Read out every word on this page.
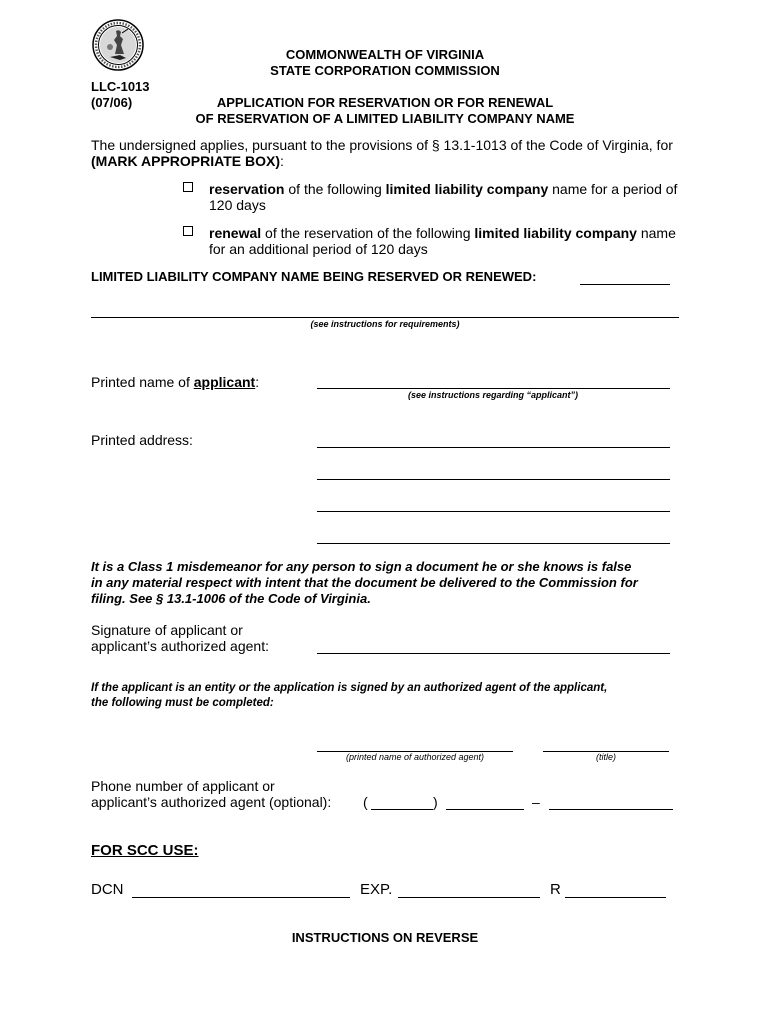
COMMONWEALTH OF VIRGINIA
STATE CORPORATION COMMISSION
LLC-1013
(07/06)	APPLICATION FOR RESERVATION OR FOR RENEWAL
OF RESERVATION OF A LIMITED LIABILITY COMPANY NAME
The undersigned applies, pursuant to the provisions of § 13.1-1013 of the Code of Virginia, for
(MARK APPROPRIATE BOX):
reservation of the following limited liability company name for a period of
120 days
renewal of the reservation of the following limited liability company name
for an additional period of 120 days
LIMITED LIABILITY COMPANY NAME BEING RESERVED OR RENEWED:
(see instructions for requirements)
Printed name of applicant:
(see instructions regarding “applicant”)
Printed address:
It is a Class 1 misdemeanor for any person to sign a document he or she knows is false
in any material respect with intent that the document be delivered to the Commission for
filing. See § 13.1-1006 of the Code of Virginia.
Signature of applicant or
applicant’s authorized agent:
If the applicant is an entity or the application is signed by an authorized agent of the applicant,
the following must be completed:
(printed name of authorized agent)	(title)
Phone number of applicant or
applicant’s authorized agent (optional): (	)	–
FOR SCC USE:
DCN	EXP.	R
INSTRUCTIONS ON REVERSE
